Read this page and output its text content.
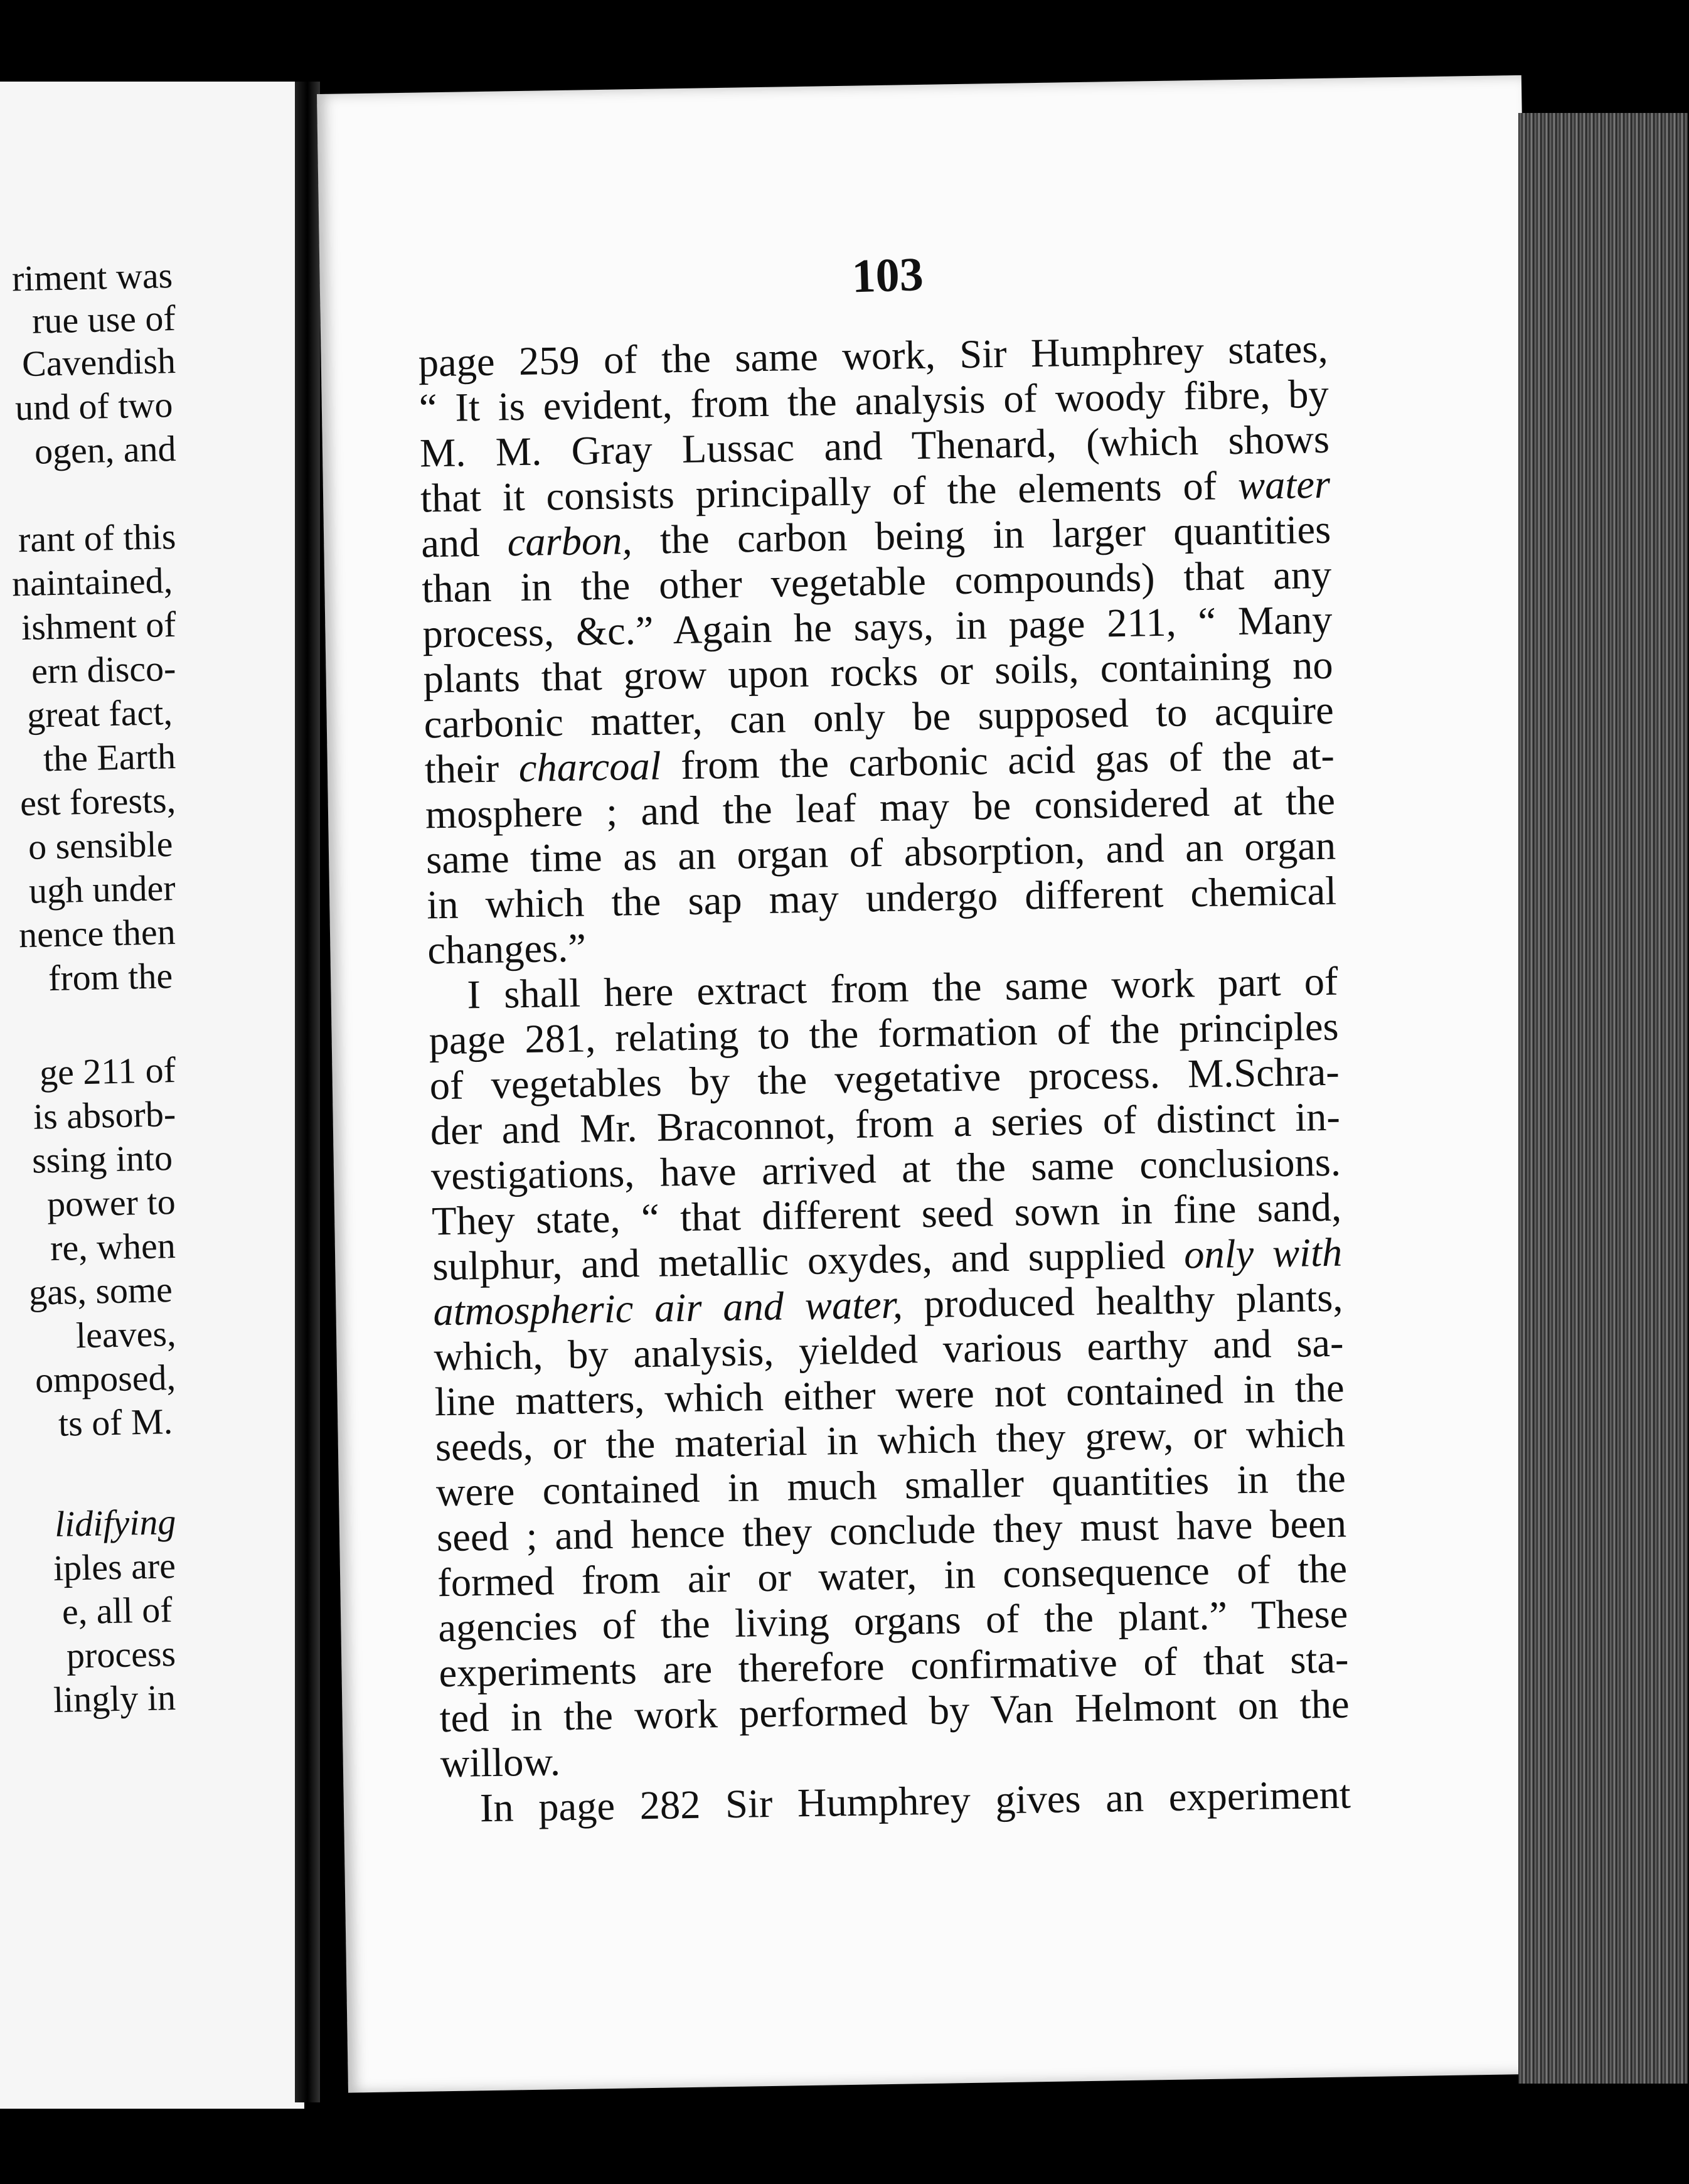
riment was
rue use of
Cavendish
und of two
ogen, and
rant of this
naintained,
ishment of
ern disco-
great fact,
the Earth
est forests,
o sensible
ugh under
nence then
from the
ge 211 of
is absorb-
ssing into
power to
re, when
gas, some
leaves,
omposed,
ts of M.
lidifying
iples are
e, all of
process
lingly in
103

page 259 of the same work, Sir Humphrey states,

“ It is evident, from the analysis of woody fibre, by

M. M. Gray Lussac and Thenard, (which shows

that it consists principally of the elements of water

and carbon, the carbon being in larger quantities

than in the other vegetable compounds) that any

process, &c.” Again he says, in page 211, “ Many

plants that grow upon rocks or soils, containing no

carbonic matter, can only be supposed to acquire

their charcoal from the carbonic acid gas of the at-

mosphere ; and the leaf may be considered at the

same time as an organ of absorption, and an organ

in which the sap may undergo different chemical

changes.”

I shall here extract from the same work part of

page 281, relating to the formation of the principles

of vegetables by the vegetative process. M.Schra-

der and Mr. Braconnot, from a series of distinct in-

vestigations, have arrived at the same conclusions.

They state, “ that different seed sown in fine sand,

sulphur, and metallic oxydes, and supplied only with

atmospheric air and water, produced healthy plants,

which, by analysis, yielded various earthy and sa-

line matters, which either were not contained in the

seeds, or the material in which they grew, or which

were contained in much smaller quantities in the

seed ; and hence they conclude they must have been

formed from air or water, in consequence of the

agencies of the living organs of the plant.” These

experiments are therefore confirmative of that sta-

ted in the work performed by Van Helmont on the

willow.

In page 282 Sir Humphrey gives an experiment
